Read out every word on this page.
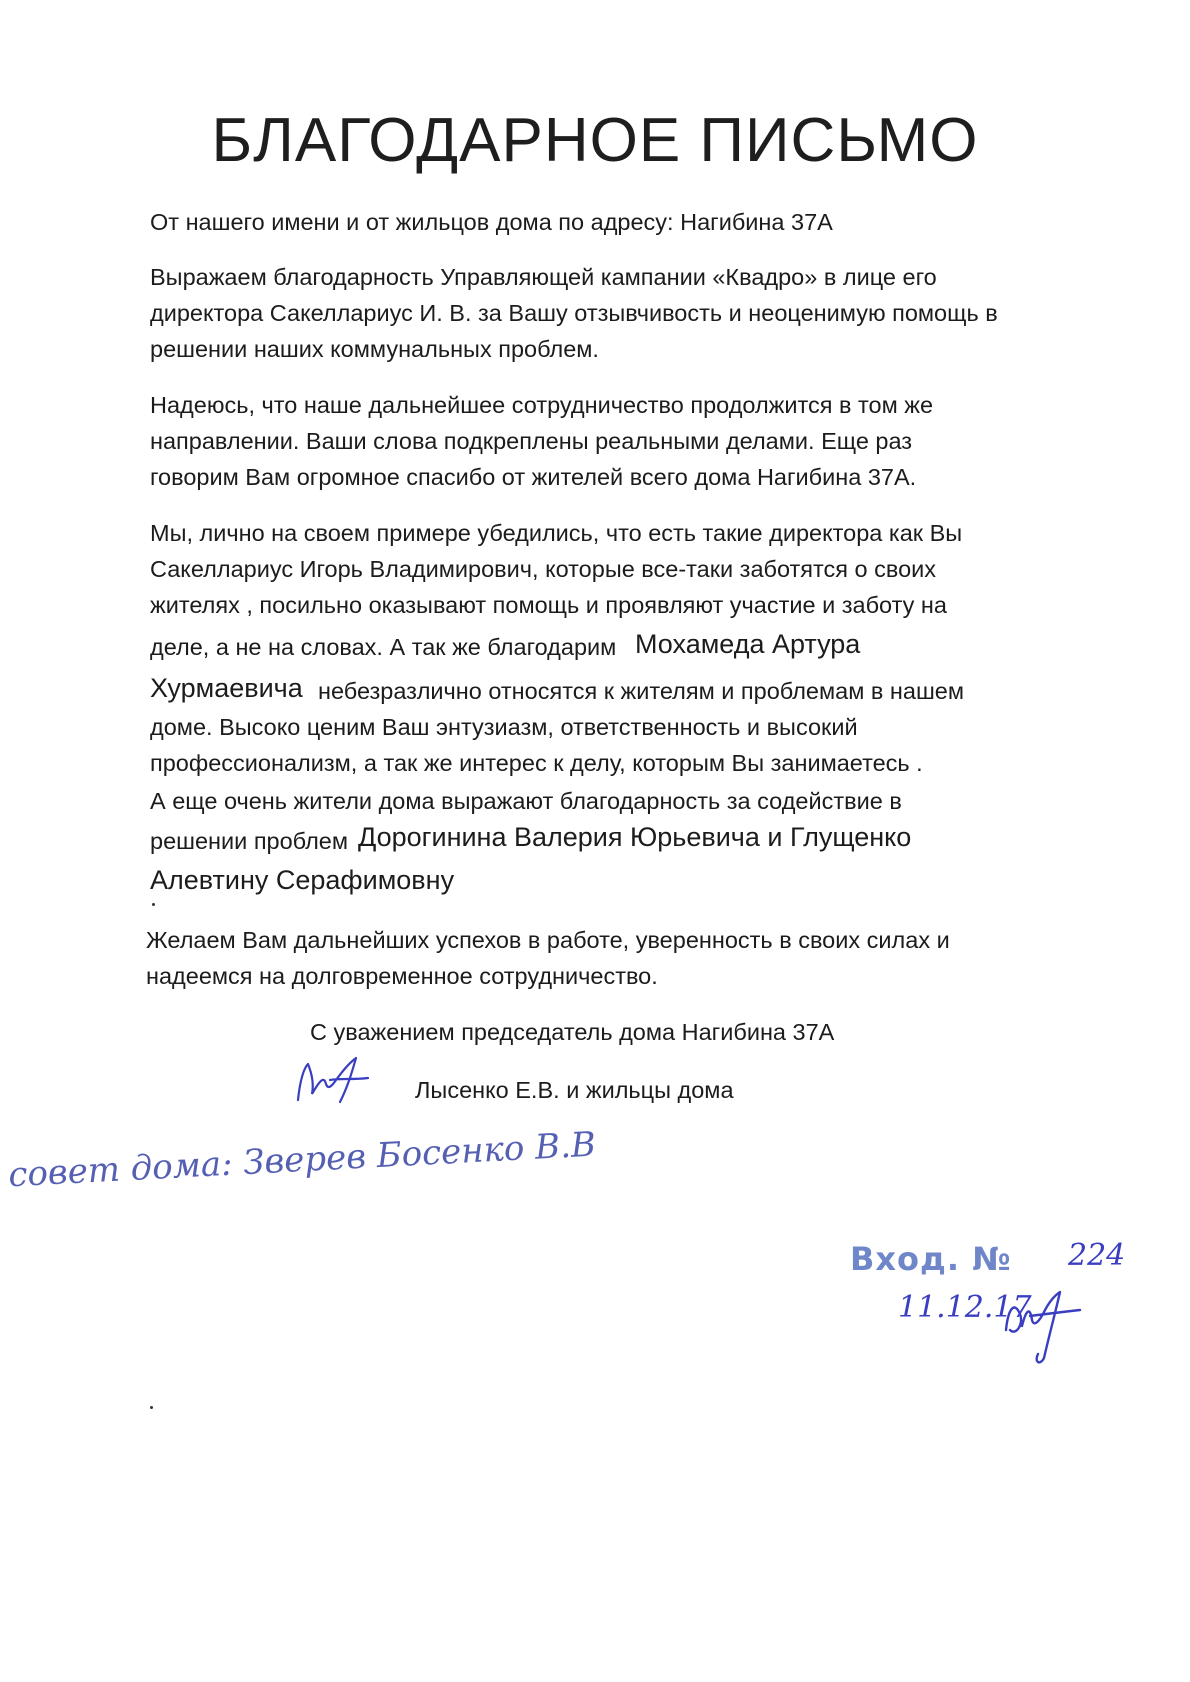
БЛАГОДАРНОЕ ПИСЬМО

От нашего имени и от жильцов дома по адресу: Нагибина 37А

Выражаем благодарность Управляющей кампании «Квадро» в лице его

директора Сакеллариус И. В. за Вашу отзывчивость и неоценимую помощь в

решении наших коммунальных проблем.

Надеюсь, что наше дальнейшее сотрудничество продолжится в том же

направлении. Ваши слова подкреплены реальными делами. Еще раз

говорим Вам огромное спасибо от жителей всего дома Нагибина 37А.

Мы, лично на своем примере убедились, что есть такие директора как Вы

Сакеллариус Игорь Владимирович, которые все-таки заботятся о своих

жителях , посильно оказывают помощь и проявляют участие и заботу на

деле, а не на словах. А так же благодарим Мохамеда Артура

Хурмаевича небезразлично относятся к жителям и проблемам в нашем

доме. Высоко ценим Ваш энтузиазм, ответственность и высокий

профессионализм, а так же интерес к делу, которым Вы занимаетесь .

А еще очень жители дома выражают благодарность за содействие в

решении проблем Дорогинина Валерия Юрьевича и Глущенко

Алевтину Серафимовну

Желаем Вам дальнейших успехов в работе, уверенность в своих силах и

надеемся на долговременное сотрудничество.

С уважением председатель дома Нагибина 37А

Лысенко Е.В. и жильцы дома

совет дома: Зверев Босенко В.В
Вход. № 224
11.12.17
